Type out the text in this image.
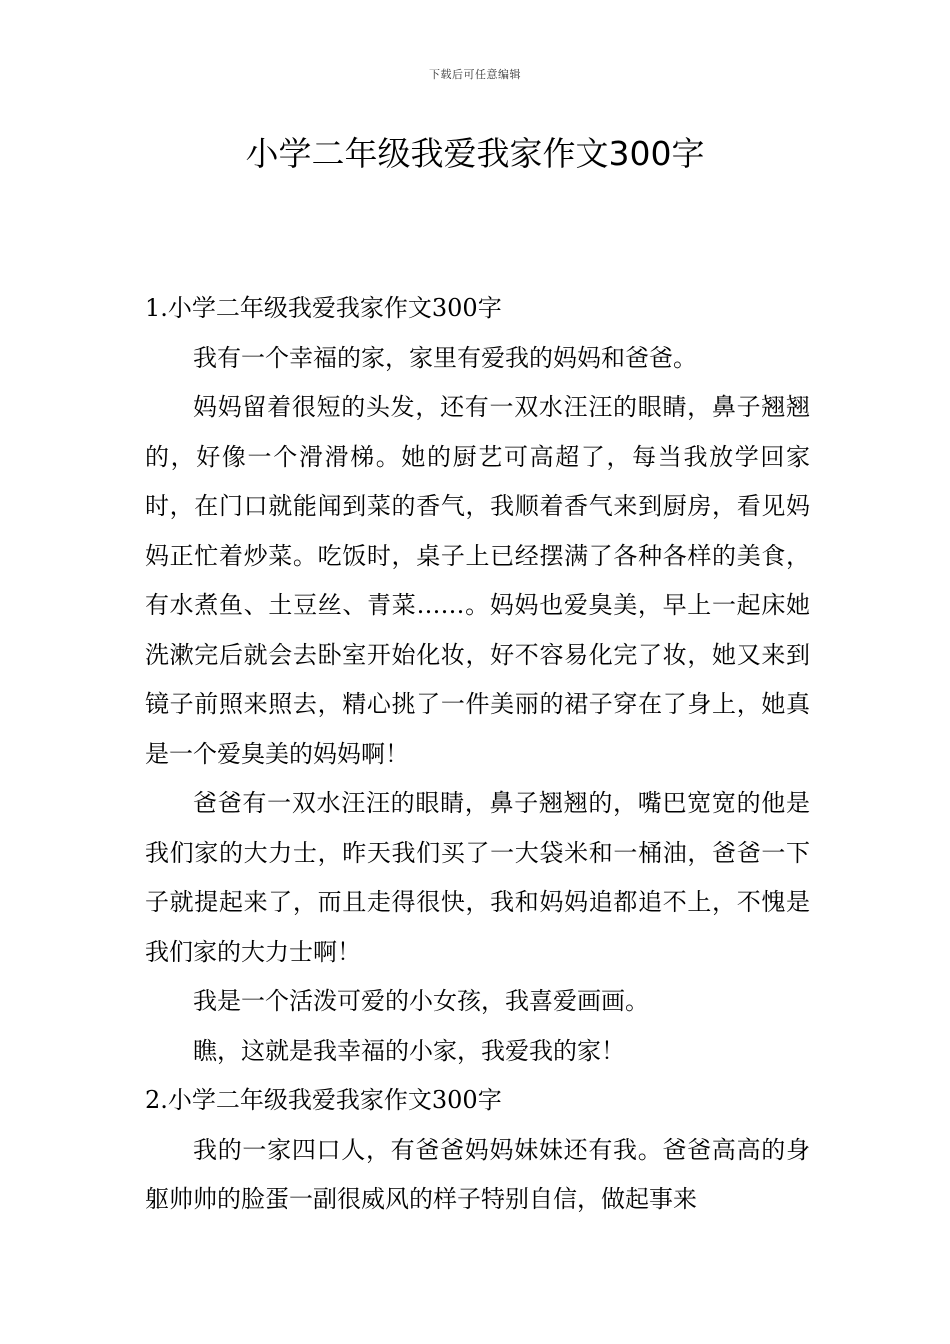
下载后可任意编辑
小学二年级我爱我家作文300字
1.小学二年级我爱我家作文300字

我有一个幸福的家，家里有爱我的妈妈和爸爸。

妈妈留着很短的头发，还有一双水汪汪的眼睛，鼻子翘翘的，好像一个滑滑梯。她的厨艺可高超了，每当我放学回家时，在门口就能闻到菜的香气，我顺着香气来到厨房，看见妈妈正忙着炒菜。吃饭时，桌子上已经摆满了各种各样的美食，有水煮鱼、土豆丝、青菜……。妈妈也爱臭美，早上一起床她洗漱完后就会去卧室开始化妆，好不容易化完了妆，她又来到镜子前照来照去，精心挑了一件美丽的裙子穿在了身上，她真是一个爱臭美的妈妈啊！

爸爸有一双水汪汪的眼睛，鼻子翘翘的，嘴巴宽宽的他是我们家的大力士，昨天我们买了一大袋米和一桶油，爸爸一下子就提起来了，而且走得很快，我和妈妈追都追不上，不愧是我们家的大力士啊！

我是一个活泼可爱的小女孩，我喜爱画画。

瞧，这就是我幸福的小家，我爱我的家！

2.小学二年级我爱我家作文300字

我的一家四口人，有爸爸妈妈妹妹还有我。爸爸高高的身躯帅帅的脸蛋一副很威风的样子特别自信，做起事来
